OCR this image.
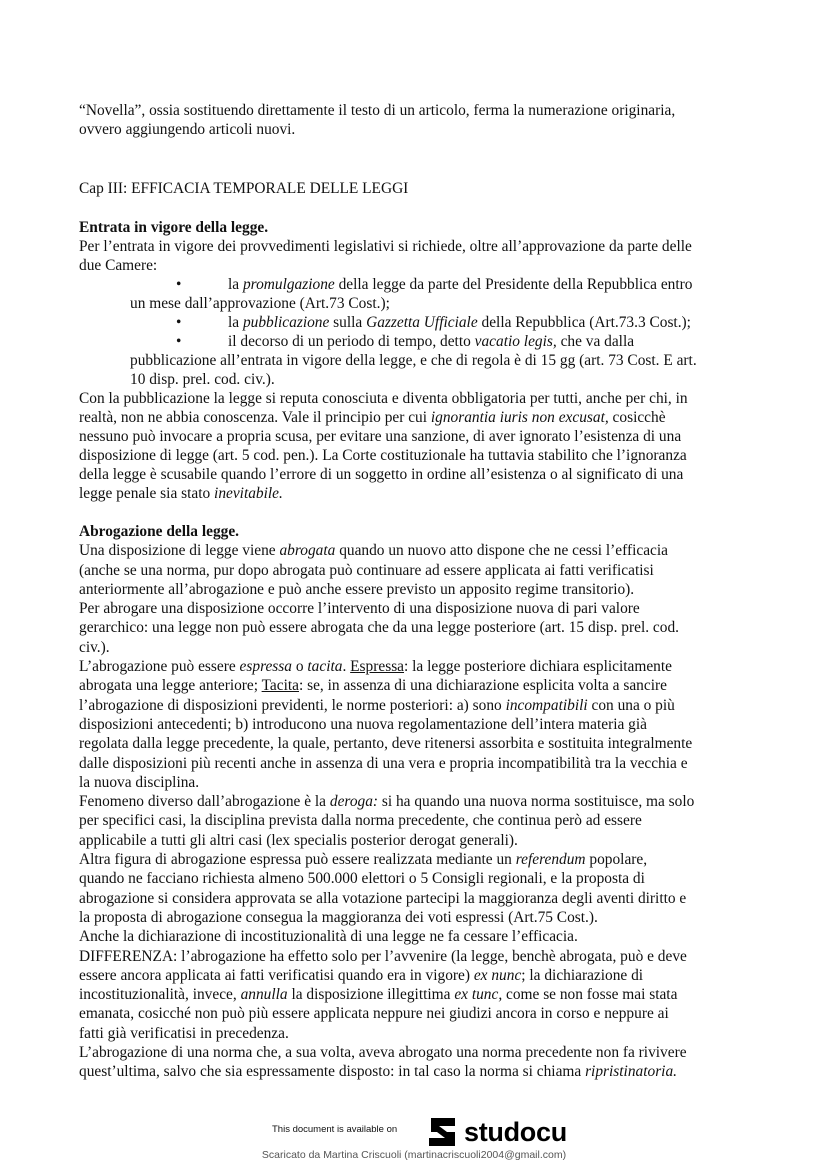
“Novella”, ossia sostituendo direttamente il testo di un articolo, ferma la numerazione originaria,
ovvero aggiungendo articoli nuovi.
Cap III: EFFICACIA TEMPORALE DELLE LEGGI
Entrata in vigore della legge.
Per l’entrata in vigore dei provvedimenti legislativi si richiede, oltre all’approvazione da parte delle
due Camere:
•	la promulgazione della legge da parte del Presidente della Repubblica entro
un mese dall’approvazione (Art.73 Cost.);
•	la pubblicazione sulla Gazzetta Ufficiale della Repubblica (Art.73.3 Cost.);
•	il decorso di un periodo di tempo, detto vacatio legis, che va dalla
pubblicazione all’entrata in vigore della legge, e che di regola è di 15 gg (art. 73 Cost. E art.
10 disp. prel. cod. civ.).
Con la pubblicazione la legge si reputa conosciuta e diventa obbligatoria per tutti, anche per chi, in
realtà, non ne abbia conoscenza. Vale il principio per cui ignorantia iuris non excusat, cosicchè
nessuno può invocare a propria scusa, per evitare una sanzione, di aver ignorato l’esistenza di una
disposizione di legge (art. 5 cod. pen.). La Corte costituzionale ha tuttavia stabilito che l’ignoranza
della legge è scusabile quando l’errore di un soggetto in ordine all’esistenza o al significato di una
legge penale sia stato inevitabile.
Abrogazione della legge.
Una disposizione di legge viene abrogata quando un nuovo atto dispone che ne cessi l’efficacia
(anche se una norma, pur dopo abrogata può continuare ad essere applicata ai fatti verificatisi
anteriormente all’abrogazione e può anche essere previsto un apposito regime transitorio).
Per abrogare una disposizione occorre l’intervento di una disposizione nuova di pari valore
gerarchico: una legge non può essere abrogata che da una legge posteriore (art. 15 disp. prel. cod.
civ.).
L’abrogazione può essere espressa o tacita. Espressa: la legge posteriore dichiara esplicitamente
abrogata una legge anteriore; Tacita: se, in assenza di una dichiarazione esplicita volta a sancire
l’abrogazione di disposizioni previdenti, le norme posteriori: a) sono incompatibili con una o più
disposizioni antecedenti; b) introducono una nuova regolamentazione dell’intera materia già
regolata dalla legge precedente, la quale, pertanto, deve ritenersi assorbita e sostituita integralmente
dalle disposizioni più recenti anche in assenza di una vera e propria incompatibilità tra la vecchia e
la nuova disciplina.
Fenomeno diverso dall’abrogazione è la deroga: si ha quando una nuova norma sostituisce, ma solo
per specifici casi, la disciplina prevista dalla norma precedente, che continua però ad essere
applicabile a tutti gli altri casi (lex specialis posterior derogat generali).
Altra figura di abrogazione espressa può essere realizzata mediante un referendum popolare,
quando ne facciano richiesta almeno 500.000 elettori o 5 Consigli regionali, e la proposta di
abrogazione si considera approvata se alla votazione partecipi la maggioranza degli aventi diritto e
la proposta di abrogazione consegua la maggioranza dei voti espressi (Art.75 Cost.).
Anche la dichiarazione di incostituzionalità di una legge ne fa cessare l’efficacia.
DIFFERENZA: l’abrogazione ha effetto solo per l’avvenire (la legge, benchè abrogata, può e deve
essere ancora applicata ai fatti verificatisi quando era in vigore) ex nunc; la dichiarazione di
incostituzionalità, invece, annulla la disposizione illegittima ex tunc, come se non fosse mai stata
emanata, cosicché non può più essere applicata neppure nei giudizi ancora in corso e neppure ai
fatti già verificatisi in precedenza.
L’abrogazione di una norma che, a sua volta, aveva abrogato una norma precedente non fa rivivere
quest’ultima, salvo che sia espressamente disposto: in tal caso la norma si chiama ripristinatoria.
This document is available on studocu
Scaricato da Martina Criscuoli (martinacriscuoli2004@gmail.com)
